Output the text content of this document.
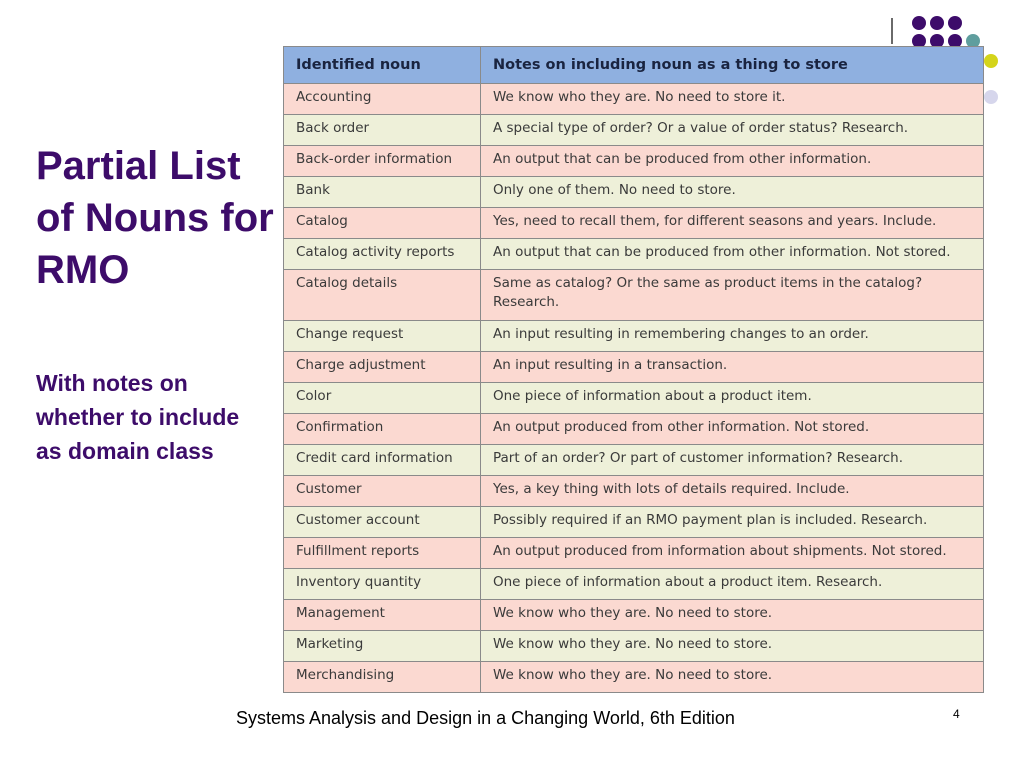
Partial List of Nouns for RMO
With notes on whether to include as domain class
Identified noun	Notes on including noun as a thing to store
Accounting	We know who they are. No need to store it.
Back order	A special type of order? Or a value of order status? Research.
Back-order information	An output that can be produced from other information.
Bank	Only one of them. No need to store.
Catalog	Yes, need to recall them, for different seasons and years. Include.
Catalog activity reports	An output that can be produced from other information. Not stored.
Catalog details	Same as catalog? Or the same as product items in the catalog? Research.
Change request	An input resulting in remembering changes to an order.
Charge adjustment	An input resulting in a transaction.
Color	One piece of information about a product item.
Confirmation	An output produced from other information. Not stored.
Credit card information	Part of an order? Or part of customer information? Research.
Customer	Yes, a key thing with lots of details required. Include.
Customer account	Possibly required if an RMO payment plan is included. Research.
Fulfillment reports	An output produced from information about shipments. Not stored.
Inventory quantity	One piece of information about a product item. Research.
Management	We know who they are. No need to store.
Marketing	We know who they are. No need to store.
Merchandising	We know who they are. No need to store.
Systems Analysis and Design in a Changing World, 6th Edition	4
